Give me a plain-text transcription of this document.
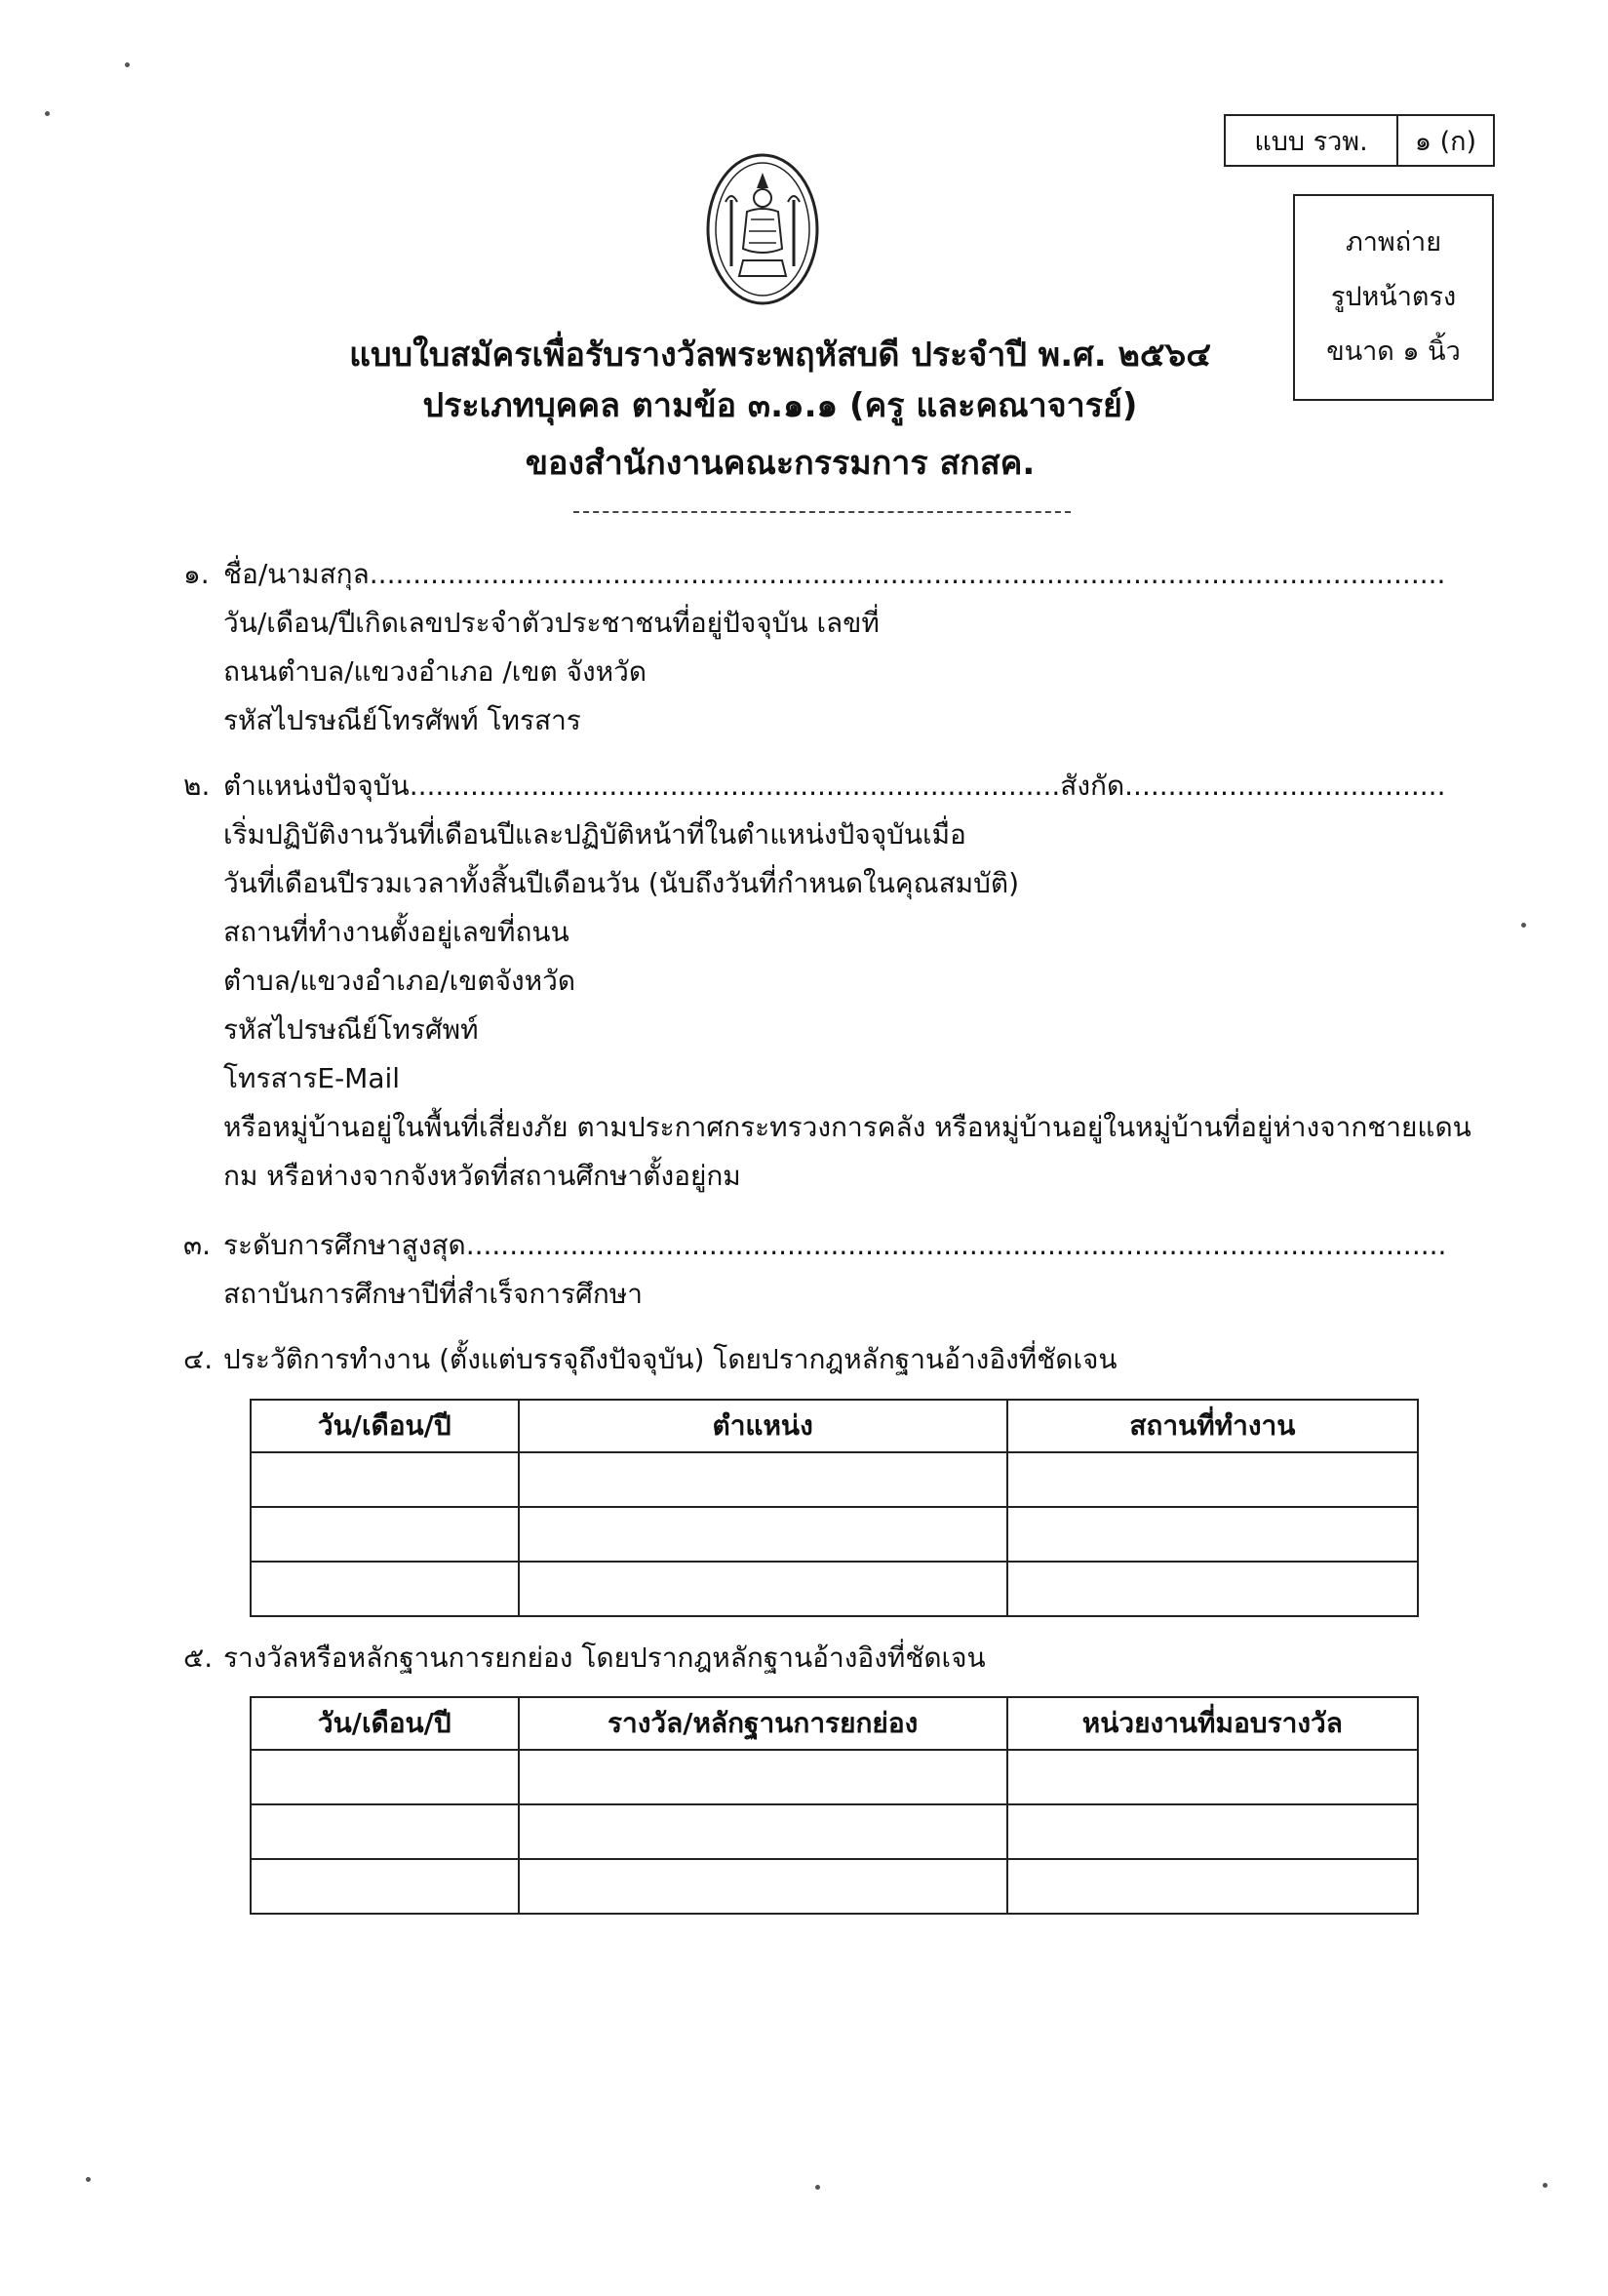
แบบ รวพ.	๑ (ก)
ภาพถ่าย
รูปหน้าตรง
ขนาด ๑ นิ้ว
แบบใบสมัครเพื่อรับรางวัลพระพฤหัสบดี ประจำปี พ.ศ. ๒๕๖๔
ประเภทบุคคล ตามข้อ ๓.๑.๑ (ครู และคณาจารย์)
ของสำนักงานคณะกรรมการ สกสค.
๑. ชื่อ/นามสกุล............................................................................................................................
วัน/เดือน/ปีเกิดเลขประจำตัวประชาชนที่อยู่ปัจจุบัน เลขที่
ถนนตำบล/แขวงอำเภอ /เขต จังหวัด
รหัสไปรษณีย์โทรศัพท์ โทรสาร
๒. ตำแหน่งปัจจุบัน...........................................................................สังกัด.....................................
เริ่มปฏิบัติงานวันที่เดือนปีและปฏิบัติหน้าที่ในตำแหน่งปัจจุบันเมื่อ
วันที่เดือนปีรวมเวลาทั้งสิ้นปีเดือนวัน (นับถึงวันที่กำหนดในคุณสมบัติ)
สถานที่ทำงานตั้งอยู่เลขที่ถนน
ตำบล/แขวงอำเภอ/เขตจังหวัด
รหัสไปรษณีย์โทรศัพท์
โทรสารE-Mail
หรือหมู่บ้านอยู่ในพื้นที่เสี่ยงภัย ตามประกาศกระทรวงการคลัง หรือหมู่บ้านอยู่ในหมู่บ้านที่อยู่ห่างจากชายแดน
กม หรือห่างจากจังหวัดที่สถานศึกษาตั้งอยู่กม
๓. ระดับการศึกษาสูงสุด.................................................................................................................
สถาบันการศึกษาปีที่สำเร็จการศึกษา
๔. ประวัติการทำงาน (ตั้งแต่บรรจุถึงปัจจุบัน) โดยปรากฎหลักฐานอ้างอิงที่ชัดเจน
วัน/เดือน/ปี	ตำแหน่ง	สถานที่ทำงาน

๕. รางวัลหรือหลักฐานการยกย่อง โดยปรากฎหลักฐานอ้างอิงที่ชัดเจน
วัน/เดือน/ปี	รางวัล/หลักฐานการยกย่อง	หน่วยงานที่มอบรางวัล
